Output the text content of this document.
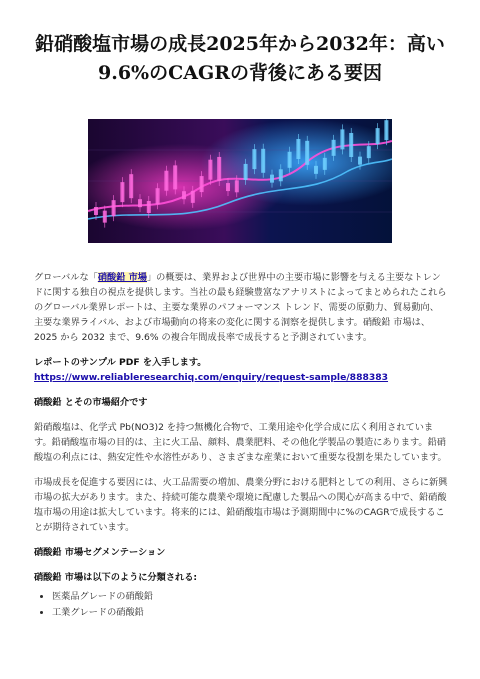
鉛硝酸塩市場の成長2025年から2032年：高い9.6%のCAGRの背後にある要因

グローバルな「硝酸鉛 市場」の概要は、業界および世界中の主要市場に影響を与える主要なトレンドに関する独自の視点を提供します。当社の最も経験豊富なアナリストによってまとめられたこれらのグローバル業界レポートは、主要な業界のパフォーマンス トレンド、需要の原動力、貿易動向、主要な業界ライバル、および市場動向の将来の変化に関する洞察を提供します。硝酸鉛 市場は、2025 から 2032 まで、9.6% の複合年間成長率で成長すると予測されています。

レポートのサンプル PDF を入手します。 https://www.reliableresearchiq.com/enquiry/request-sample/888383

硝酸鉛 とその市場紹介です

鉛硝酸塩は、化学式 Pb(NO3)2 を持つ無機化合物で、工業用途や化学合成に広く利用されています。鉛硝酸塩市場の目的は、主に火工品、顔料、農業肥料、その他化学製品の製造にあります。鉛硝酸塩の利点には、熱安定性や水溶性があり、さまざまな産業において重要な役割を果たしています。

市場成長を促進する要因には、火工品需要の増加、農業分野における肥料としての利用、さらに新興市場の拡大があります。また、持続可能な農業や環境に配慮した製品への関心が高まる中で、鉛硝酸塩市場の用途は拡大しています。将来的には、鉛硝酸塩市場は予測期間中に%のCAGRで成長することが期待されています。

硝酸鉛 市場セグメンテーション

硝酸鉛 市場は以下のように分類される:

• 医薬品グレードの硝酸鉛
• 工業グレードの硝酸鉛
